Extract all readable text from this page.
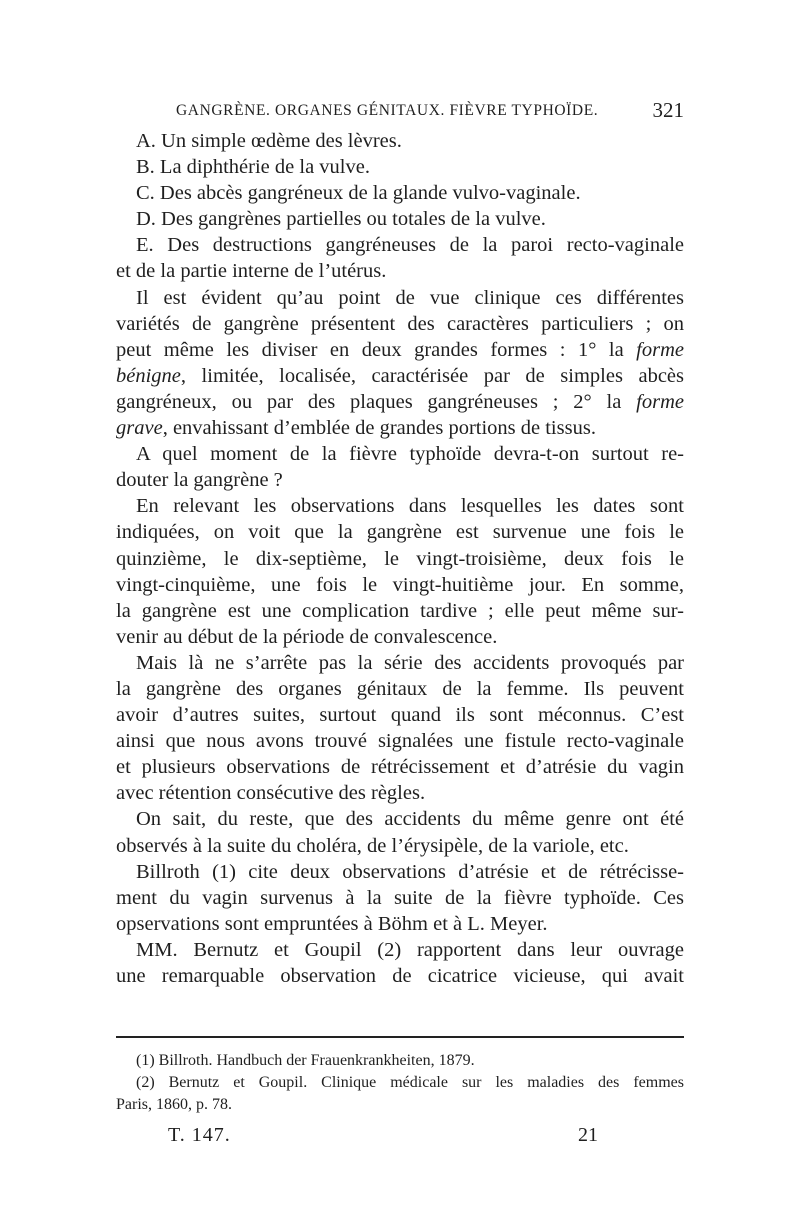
GANGRÈNE. ORGANES GÉNITAUX. FIÈVRE TYPHOÏDE.	321
A. Un simple œdème des lèvres.
B. La diphthérie de la vulve.
C. Des abcès gangréneux de la glande vulvo-vaginale.
D. Des gangrènes partielles ou totales de la vulve.
E. Des destructions gangréneuses de la paroi recto-vaginale
et de la partie interne de l’utérus.
Il est évident qu’au point de vue clinique ces différentes
variétés de gangrène présentent des caractères particuliers ; on
peut même les diviser en deux grandes formes : 1° la forme
bénigne, limitée, localisée, caractérisée par de simples abcès
gangréneux, ou par des plaques gangréneuses ; 2° la forme
grave, envahissant d’emblée de grandes portions de tissus.
A quel moment de la fièvre typhoïde devra-t-on surtout re-
douter la gangrène ?
En relevant les observations dans lesquelles les dates sont
indiquées, on voit que la gangrène est survenue une fois le
quinzième, le dix-septième, le vingt-troisième, deux fois le
vingt-cinquième, une fois le vingt-huitième jour. En somme,
la gangrène est une complication tardive ; elle peut même sur-
venir au début de la période de convalescence.
Mais là ne s’arrête pas la série des accidents provoqués par
la gangrène des organes génitaux de la femme. Ils peuvent
avoir d’autres suites, surtout quand ils sont méconnus. C’est
ainsi que nous avons trouvé signalées une fistule recto-vaginale
et plusieurs observations de rétrécissement et d’atrésie du vagin
avec rétention consécutive des règles.
On sait, du reste, que des accidents du même genre ont été
observés à la suite du choléra, de l’érysipèle, de la variole, etc.
Billroth (1) cite deux observations d’atrésie et de rétrécisse-
ment du vagin survenus à la suite de la fièvre typhoïde. Ces
opservations sont empruntées à Böhm et à L. Meyer.
MM. Bernutz et Goupil (2) rapportent dans leur ouvrage
une remarquable observation de cicatrice vicieuse, qui avait
(1) Billroth. Handbuch der Frauenkrankheiten, 1879.
(2) Bernutz et Goupil. Clinique médicale sur les maladies des femmes
Paris, 1860, p. 78.
T. 147.	21
